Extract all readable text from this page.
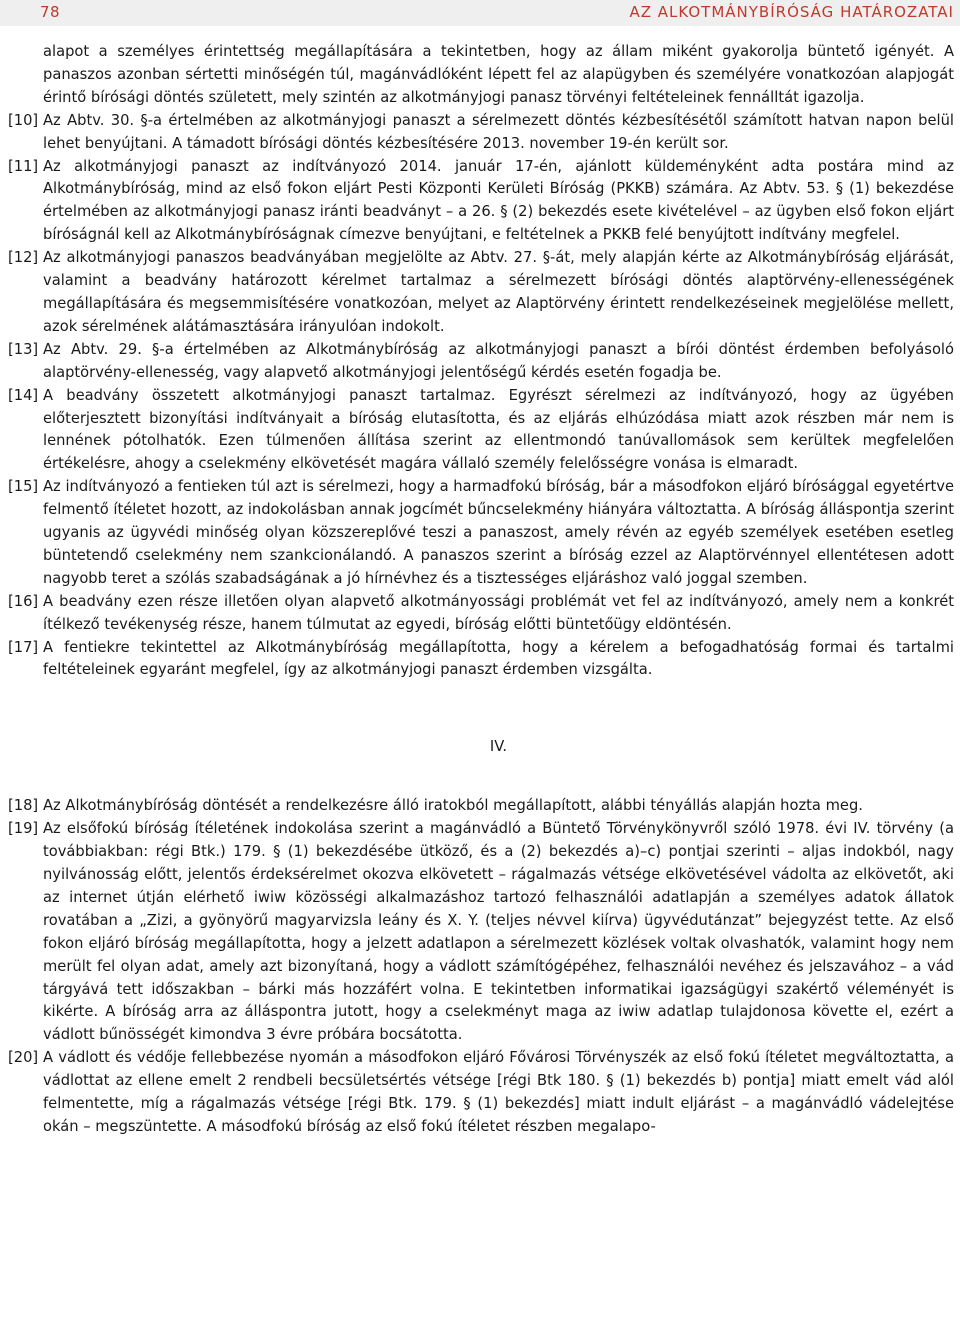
78	AZ ALKOTMÁNYBÍRÓSÁG HATÁROZATAI

alapot a személyes érintettség megállapítására a tekintetben, hogy az állam miként gyakorolja büntető igényét. A panaszos azonban sértetti minőségén túl, magánvádlóként lépett fel az alapügyben és személyére vonatkozóan alapjogát érintő bírósági döntés született, mely szintén az alkotmányjogi panasz törvényi feltételeinek fennálltát igazolja.

[10] Az Abtv. 30. §-a értelmében az alkotmányjogi panaszt a sérelmezett döntés kézbesítésétől számított hatvan napon belül lehet benyújtani. A támadott bírósági döntés kézbesítésére 2013. november 19-én került sor.

[11] Az alkotmányjogi panaszt az indítványozó 2014. január 17-én, ajánlott küldeményként adta postára mind az Alkotmánybíróság, mind az első fokon eljárt Pesti Központi Kerületi Bíróság (PKKB) számára. Az Abtv. 53. § (1) bekezdése értelmében az alkotmányjogi panasz iránti beadványt – a 26. § (2) bekezdés esete kivételével – az ügyben első fokon eljárt bíróságnál kell az Alkotmánybíróságnak címezve benyújtani, e feltételnek a PKKB felé benyújtott indítvány megfelel.

[12] Az alkotmányjogi panaszos beadványában megjelölte az Abtv. 27. §-át, mely alapján kérte az Alkotmánybíróság eljárását, valamint a beadvány határozott kérelmet tartalmaz a sérelmezett bírósági döntés alaptörvény-ellenességének megállapítására és megsemmisítésére vonatkozóan, melyet az Alaptörvény érintett rendelkezéseinek megjelölése mellett, azok sérelmének alátámasztására irányulóan indokolt.

[13] Az Abtv. 29. §-a értelmében az Alkotmánybíróság az alkotmányjogi panaszt a bírói döntést érdemben befolyásoló alaptörvény-ellenesség, vagy alapvető alkotmányjogi jelentőségű kérdés esetén fogadja be.

[14] A beadvány összetett alkotmányjogi panaszt tartalmaz. Egyrészt sérelmezi az indítványozó, hogy az ügyében előterjesztett bizonyítási indítványait a bíróság elutasította, és az eljárás elhúzódása miatt azok részben már nem is lennének pótolhatók. Ezen túlmenően állítása szerint az ellentmondó tanúvallomások sem kerültek megfelelően értékelésre, ahogy a cselekmény elkövetését magára vállaló személy felelősségre vonása is elmaradt.

[15] Az indítványozó a fentieken túl azt is sérelmezi, hogy a harmadfokú bíróság, bár a másodfokon eljáró bírósággal egyetértve felmentő ítéletet hozott, az indokolásban annak jogcímét bűncselekmény hiányára változtatta. A bíróság álláspontja szerint ugyanis az ügyvédi minőség olyan közszereplővé teszi a panaszost, amely révén az egyéb személyek esetében esetleg büntetendő cselekmény nem szankcionálandó. A panaszos szerint a bíróság ezzel az Alaptörvénnyel ellentétesen adott nagyobb teret a szólás szabadságának a jó hírnévhez és a tisztességes eljáráshoz való joggal szemben.

[16] A beadvány ezen része illetően olyan alapvető alkotmányossági problémát vet fel az indítványozó, amely nem a konkrét ítélkező tevékenység része, hanem túlmutat az egyedi, bíróság előtti büntetőügy eldöntésén.

[17] A fentiekre tekintettel az Alkotmánybíróság megállapította, hogy a kérelem a befogadhatóság formai és tartalmi feltételeinek egyaránt megfelel, így az alkotmányjogi panaszt érdemben vizsgálta.

IV.

[18] Az Alkotmánybíróság döntését a rendelkezésre álló iratokból megállapított, alábbi tényállás alapján hozta meg.

[19] Az elsőfokú bíróság ítéletének indokolása szerint a magánvádló a Büntető Törvénykönyvről szóló 1978. évi IV. törvény (a továbbiakban: régi Btk.) 179. § (1) bekezdésébe ütköző, és a (2) bekezdés a)–c) pontjai szerinti – aljas indokból, nagy nyilvánosság előtt, jelentős érdeksérelmet okozva elkövetett – rágalmazás vétsége elkövetésével vádolta az elkövetőt, aki az internet útján elérhető iwiw közösségi alkalmazáshoz tartozó felhasználói adatlapján a személyes adatok állatok rovatában a „Zizi, a gyönyörű magyarvizsla leány és X. Y. (teljes névvel kiírva) ügyvédutánzat” bejegyzést tette. Az első fokon eljáró bíróság megállapította, hogy a jelzett adatlapon a sérelmezett közlések voltak olvashatók, valamint hogy nem merült fel olyan adat, amely azt bizonyítaná, hogy a vádlott számítógépéhez, felhasználói nevéhez és jelszavához – a vád tárgyává tett időszakban – bárki más hozzáfért volna. E tekintetben informatikai igazságügyi szakértő véleményét is kikérte. A bíróság arra az álláspontra jutott, hogy a cselekményt maga az iwiw adatlap tulajdonosa követte el, ezért a vádlott bűnösségét kimondva 3 évre próbára bocsátotta.

[20] A vádlott és védője fellebbezése nyomán a másodfokon eljáró Fővárosi Törvényszék az első fokú ítéletet megváltoztatta, a vádlottat az ellene emelt 2 rendbeli becsületsértés vétsége [régi Btk 180. § (1) bekezdés b) pontja] miatt emelt vád alól felmentette, míg a rágalmazás vétsége [régi Btk. 179. § (1) bekezdés] miatt indult eljárást – a magánvádló vádelejtése okán – megszüntette. A másodfokú bíróság az első fokú ítéletet részben megalapo-
